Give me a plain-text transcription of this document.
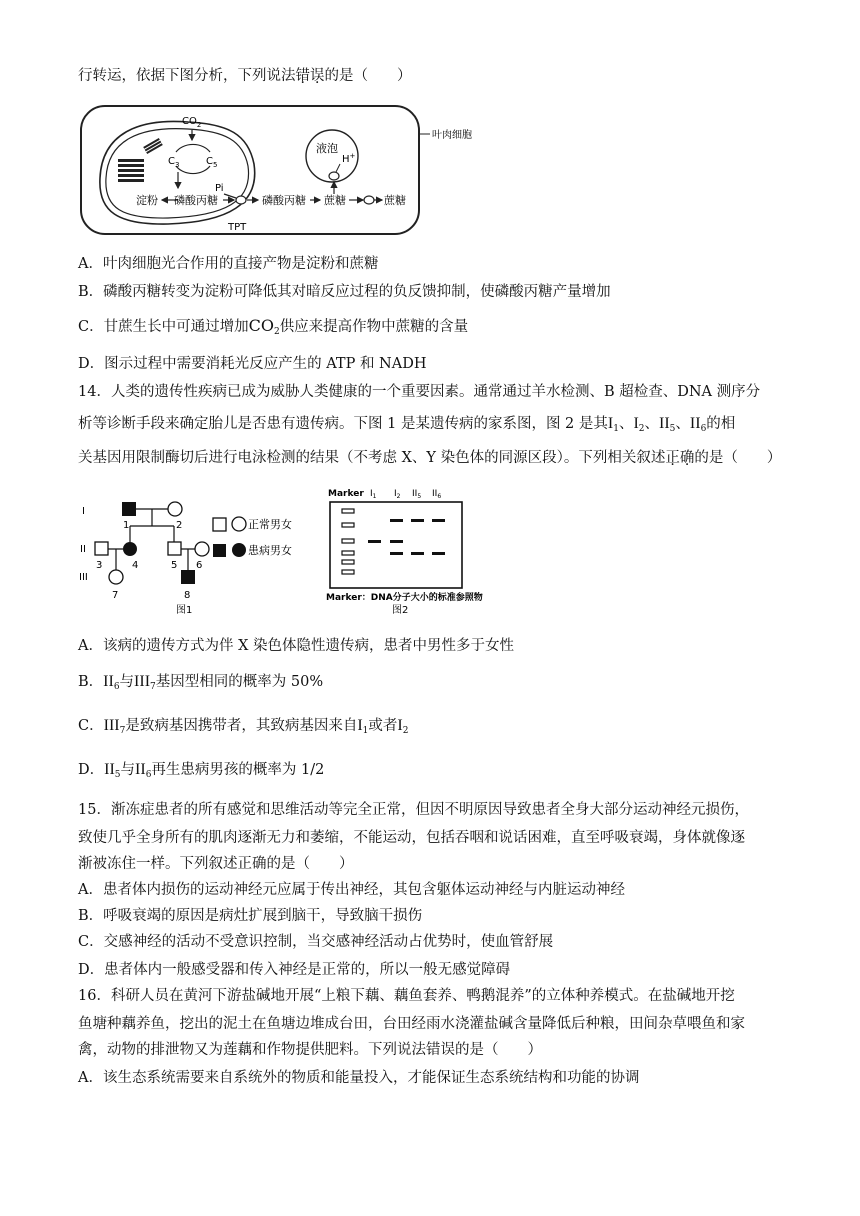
行转运，依据下图分析，下列说法错误的是（　　）
$CO_2$
$C_3$	$C_5$
淀粉 磷酸丙糖
Pi
TPT
磷酸丙糖 蔗糖	蔗糖
液泡
H+
叶肉细胞
A．叶肉细胞光合作用的直接产物是淀粉和蔗糖
B．磷酸丙糖转变为淀粉可降低其对暗反应过程的负反馈抑制，使磷酸丙糖产量增加
C．甘蔗生长中可通过增加$CO_2$供应来提高作物中蔗糖的含量
D．图示过程中需要消耗光反应产生的 ATP 和 NADH
14．人类的遗传性疾病已成为威胁人类健康的一个重要因素。通常通过羊水检测、B 超检查、DNA 测序分
析等诊断手段来确定胎儿是否患有遗传病。下图 1 是某遗传病的家系图，图 2 是其$I_1$、$I_2$、$II_5$、$II_6$的相
关基因用限制酶切后进行电泳检测的结果（不考虑 X、Y 染色体的同源区段）。下列相关叙述正确的是（　　）
I
II
III
1	2
3	4	5 6
7	8
正常男女
患病男女
图1
Marker $I_1$ $I_2$ $II_5$ $II_6$
Marker：DNA分子大小的标准参照物
图2
A．该病的遗传方式为伴 X 染色体隐性遗传病，患者中男性多于女性
B．$II_6$与$III_7$基因型相同的概率为 50%
C．$III_7$是致病基因携带者，其致病基因来自$I_1$或者$I_2$
D．$II_5$与$II_6$再生患病男孩的概率为 1/2
15．渐冻症患者的所有感觉和思维活动等完全正常，但因不明原因导致患者全身大部分运动神经元损伤，
致使几乎全身所有的肌肉逐渐无力和萎缩，不能运动，包括吞咽和说话困难，直至呼吸衰竭，身体就像逐
渐被冻住一样。下列叙述正确的是（　　）
A．患者体内损伤的运动神经元应属于传出神经，其包含躯体运动神经与内脏运动神经
B．呼吸衰竭的原因是病灶扩展到脑干，导致脑干损伤
C．交感神经的活动不受意识控制，当交感神经活动占优势时，使血管舒展
D．患者体内一般感受器和传入神经是正常的，所以一般无感觉障碍
16．科研人员在黄河下游盐碱地开展“上粮下藕、藕鱼套养、鸭鹅混养”的立体种养模式。在盐碱地开挖
鱼塘种藕养鱼，挖出的泥土在鱼塘边堆成台田，台田经雨水浇灌盐碱含量降低后种粮，田间杂草喂鱼和家
禽，动物的排泄物又为莲藕和作物提供肥料。下列说法错误的是（　　）
A．该生态系统需要来自系统外的物质和能量投入，才能保证生态系统结构和功能的协调
